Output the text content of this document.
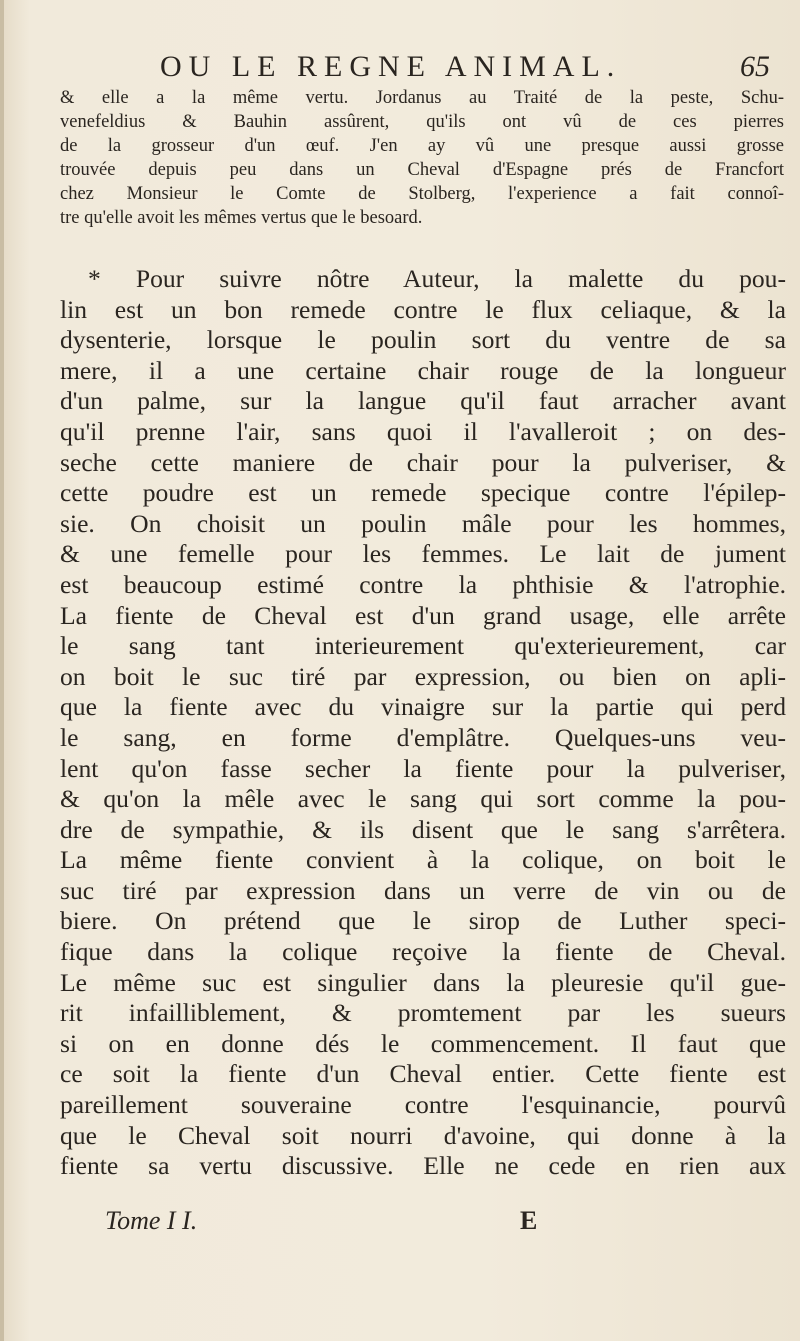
OU LE REGNE ANIMAL.	65
& elle a la même vertu. Jordanus au Traité de la peste, Schu-
venefeldius & Bauhin assûrent, qu'ils ont vû de ces pierres
de la grosseur d'un œuf. J'en ay vû une presque aussi grosse
trouvée depuis peu dans un Cheval d'Espagne prés de Francfort
chez Monsieur le Comte de Stolberg, l'experience a fait connoî-
tre qu'elle avoit les mêmes vertus que le besoard.
* Pour suivre nôtre Auteur, la malette du pou-
lin est un bon remede contre le flux celiaque, & la
dysenterie, lorsque le poulin sort du ventre de sa
mere, il a une certaine chair rouge de la longueur
d'un palme, sur la langue qu'il faut arracher avant
qu'il prenne l'air, sans quoi il l'avalleroit ; on des-
seche cette maniere de chair pour la pulveriser, &
cette poudre est un remede specique contre l'épilep-
sie. On choisit un poulin mâle pour les hommes,
& une femelle pour les femmes. Le lait de jument
est beaucoup estimé contre la phthisie & l'atrophie.
La fiente de Cheval est d'un grand usage, elle arrête
le sang tant interieurement qu'exterieurement, car
on boit le suc tiré par expression, ou bien on apli-
que la fiente avec du vinaigre sur la partie qui perd
le sang, en forme d'emplâtre. Quelques-uns veu-
lent qu'on fasse secher la fiente pour la pulveriser,
& qu'on la mêle avec le sang qui sort comme la pou-
dre de sympathie, & ils disent que le sang s'arrêtera.
La même fiente convient à la colique, on boit le
suc tiré par expression dans un verre de vin ou de
biere. On prétend que le sirop de Luther speci-
fique dans la colique reçoive la fiente de Cheval.
Le même suc est singulier dans la pleuresie qu'il gue-
rit infailliblement, & promtement par les sueurs
si on en donne dés le commencement. Il faut que
ce soit la fiente d'un Cheval entier. Cette fiente est
pareillement souveraine contre l'esquinancie, pourvû
que le Cheval soit nourri d'avoine, qui donne à la
fiente sa vertu discussive. Elle ne cede en rien aux
Tome I I.	E
